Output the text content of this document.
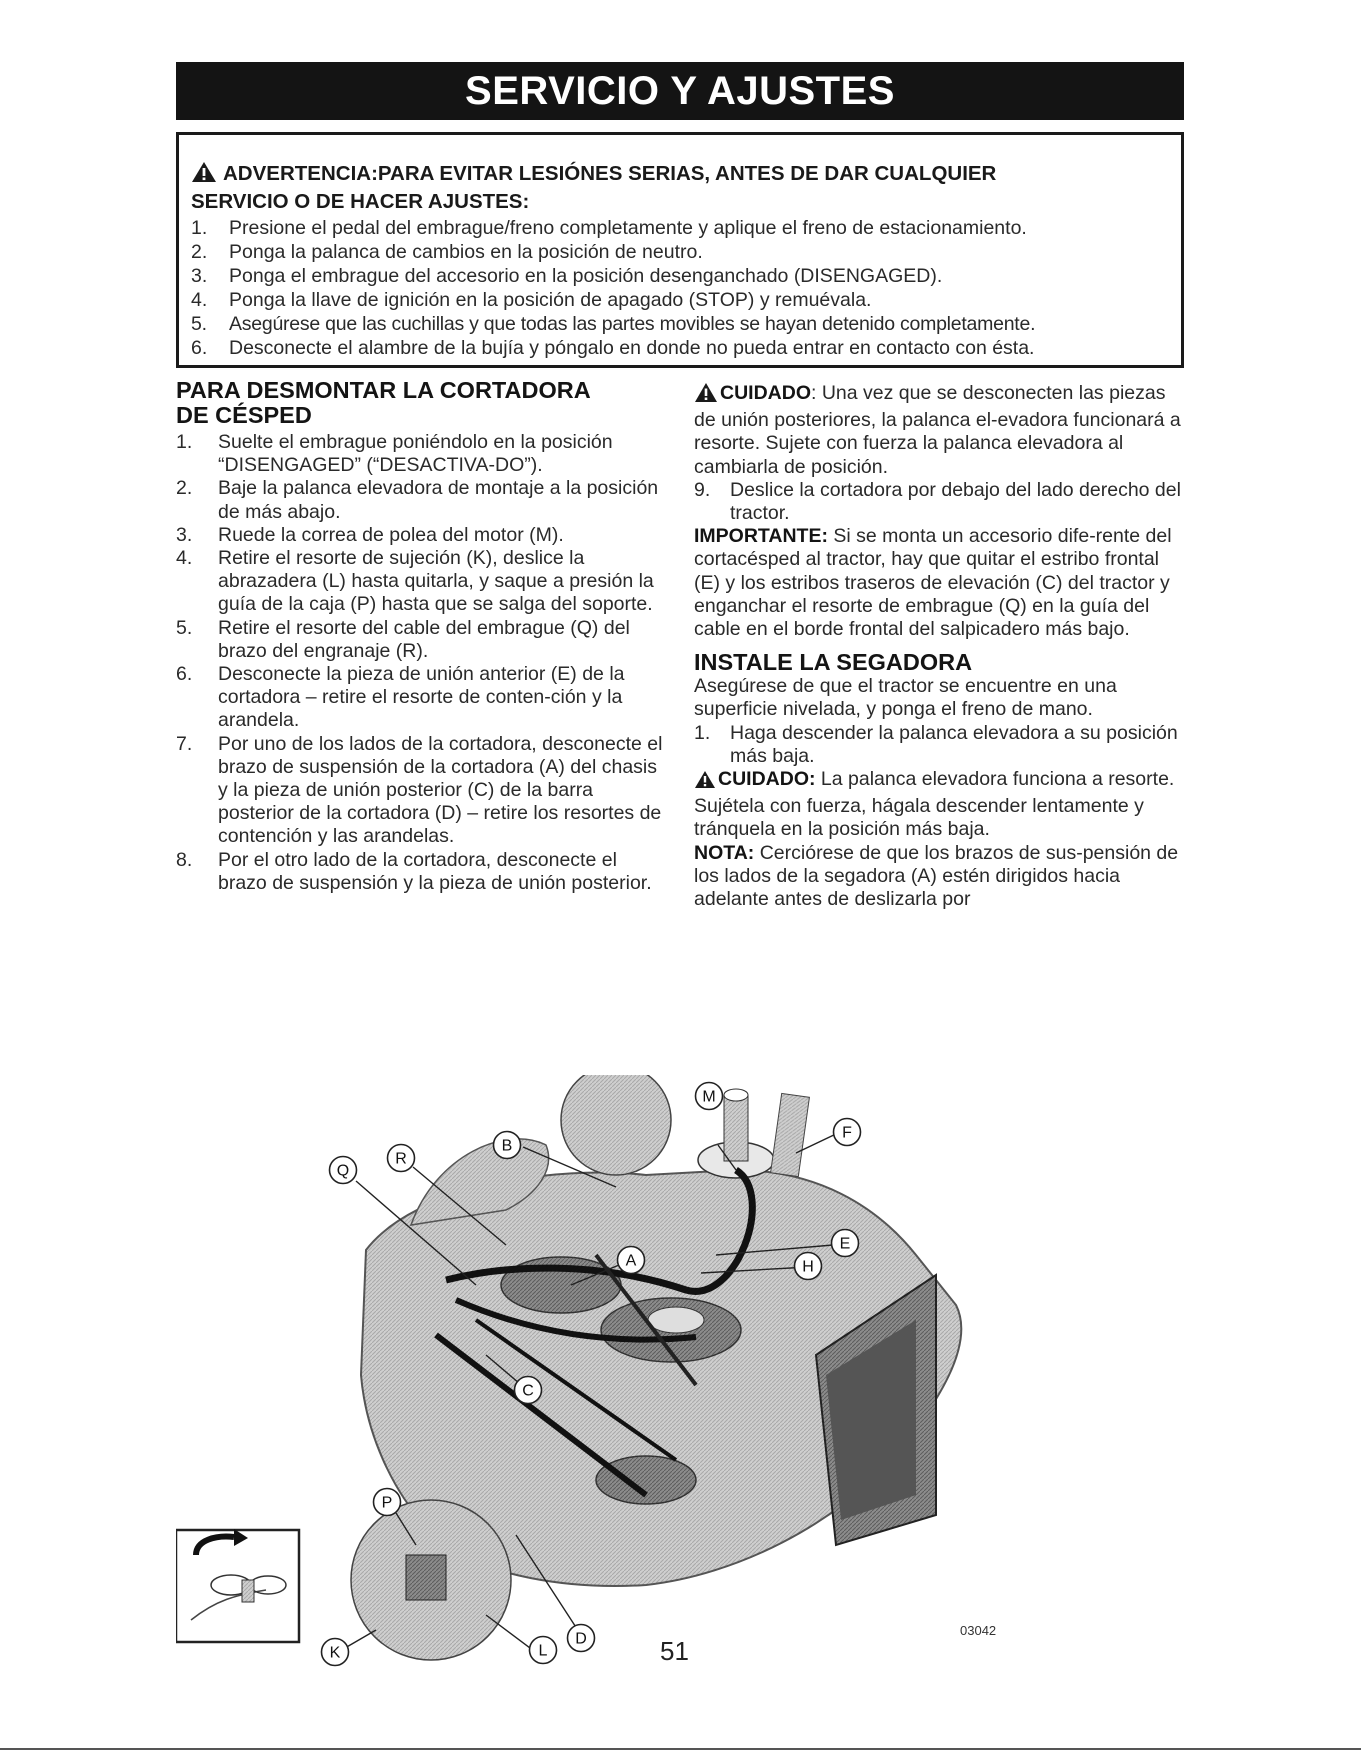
SERVICIO Y AJUSTES
ADVERTENCIA:PARA EVITAR LESIÓNES SERIAS, ANTES DE DAR CUALQUIER
SERVICIO O DE HACER AJUSTES:
1. Presione el pedal del embrague/freno completamente y aplique el freno de estacionamiento.
2. Ponga la palanca de cambios en la posición de neutro.
3. Ponga el embrague del accesorio en la posición desenganchado (DISENGAGED).
4. Ponga la llave de ignición en la posición de apagado (STOP) y remuévala.
5. Asegúrese que las cuchillas y que todas las partes movibles se hayan detenido completamente.
6. Desconecte el alambre de la bujía y póngalo en donde no pueda entrar en contacto con ésta.
PARA DESMONTAR LA CORTADORA
DE CÉSPED
1. Suelte el embrague poniéndolo en la posición “DISENGAGED” (“DESACTIVA-DO”).
2. Baje la palanca elevadora de montaje a la posición de más abajo.
3. Ruede la correa de polea del motor (M).
4. Retire el resorte de sujeción (K), deslice la abrazadera (L) hasta quitarla, y saque a presión la guía de la caja (P) hasta que se salga del soporte.
5. Retire el resorte del cable del embrague (Q) del brazo del engranaje (R).
6. Desconecte la pieza de unión anterior (E) de la cortadora – retire el resorte de conten-ción y la arandela.
7. Por uno de los lados de la cortadora, desconecte el brazo de suspensión de la cortadora (A) del chasis y la pieza de unión posterior (C) de la barra posterior de la cortadora (D) – retire los resortes de contención y las arandelas.
8. Por el otro lado de la cortadora, desconecte el brazo de suspensión y la pieza de unión posterior.

CUIDADO: Una vez que se desconecten las piezas de unión posteriores, la palanca el-evadora funcionará a resorte. Sujete con fuerza la palanca elevadora al cambiarla de posición.

9. Deslice la cortadora por debajo del lado derecho del tractor.

IMPORTANTE: Si se monta un accesorio dife-rente del cortacésped al tractor, hay que quitar el estribo frontal (E) y los estribos traseros de elevación (C) del tractor y enganchar el resorte de embrague (Q) en la guía del cable en el borde frontal del salpicadero más bajo.

INSTALE LA SEGADORA

Asegúrese de que el tractor se encuentre en una superficie nivelada, y ponga el freno de mano.

1. Haga descender la palanca elevadora a su posición más baja.

CUIDADO: La palanca elevadora funciona a resorte. Sujétela con fuerza, hágala descender lentamente y tránquela en la posición más baja.

NOTA: Cerciórese de que los brazos de sus-pensión de los lados de la segadora (A) estén dirigidos hacia adelante antes de deslizarla por

M
B
F
Q
R
A
E
H
P
C
D
K	L
03042
51
